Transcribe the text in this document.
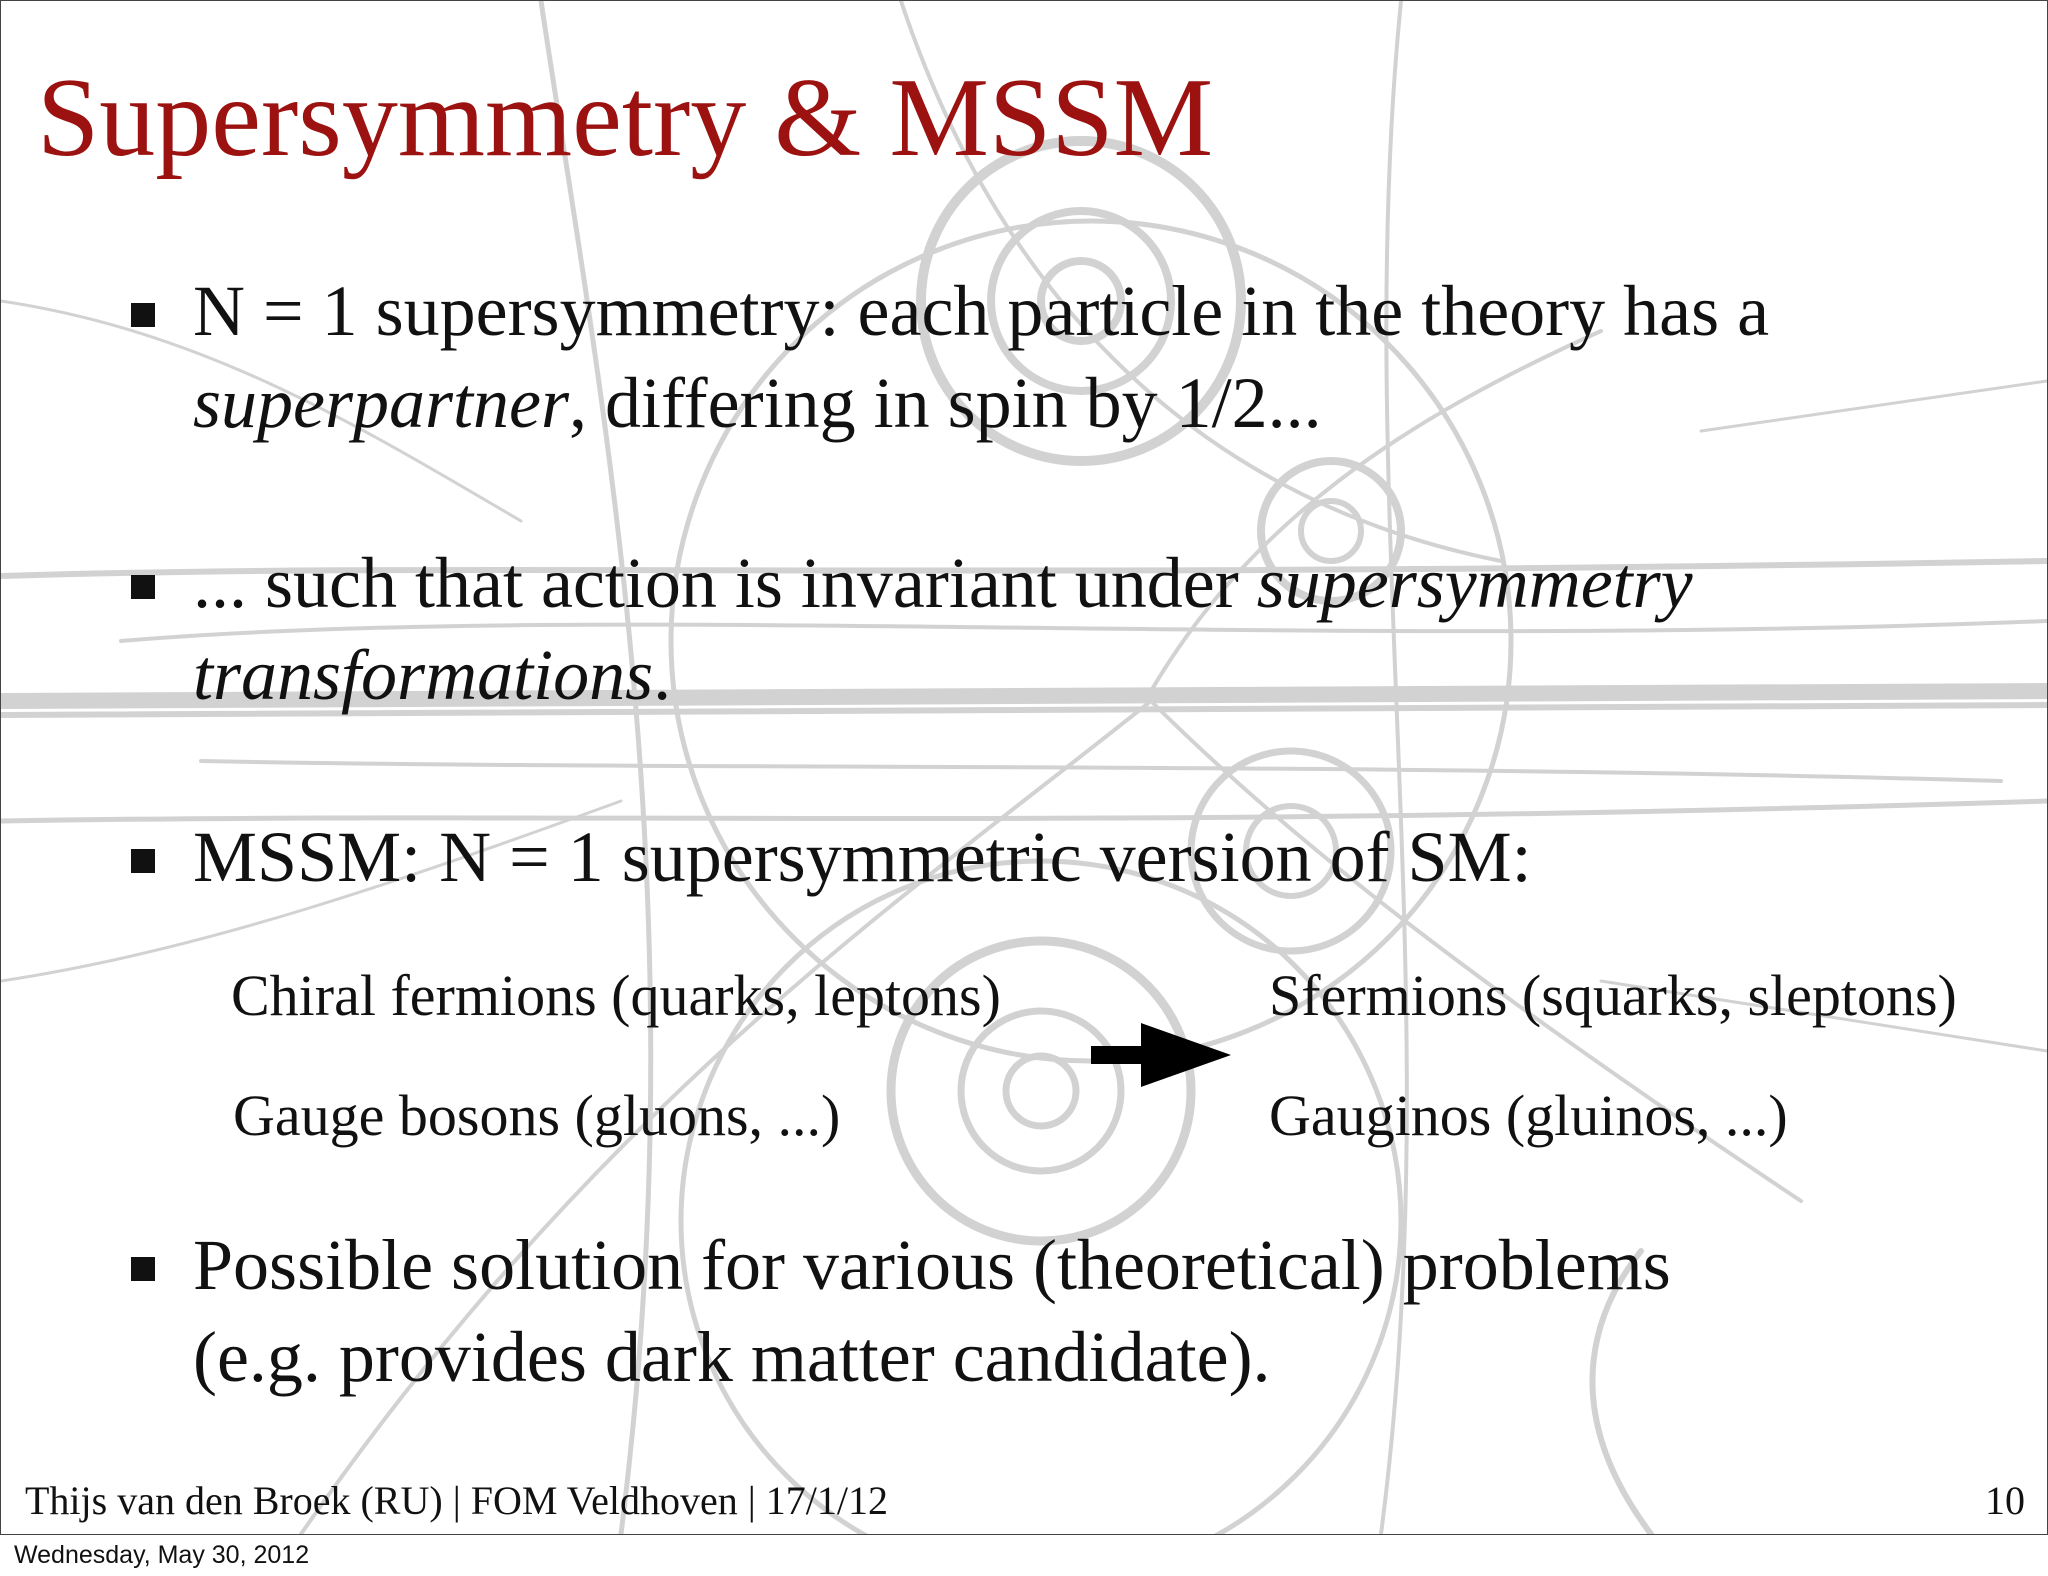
Supersymmetry & MSSM
N = 1 supersymmetry: each particle in the theory has a
superpartner, differing in spin by 1/2...
... such that action is invariant under supersymmetry
transformations.
MSSM: N = 1 supersymmetric version of SM:
Chiral fermions (quarks, leptons)
Gauge bosons (gluons, ...)
Sfermions (squarks, sleptons)
Gauginos (gluinos, ...)
Possible solution for various (theoretical) problems
(e.g. provides dark matter candidate).
Thijs van den Broek (RU) | FOM Veldhoven | 17/1/12	10
Wednesday, May 30, 2012
